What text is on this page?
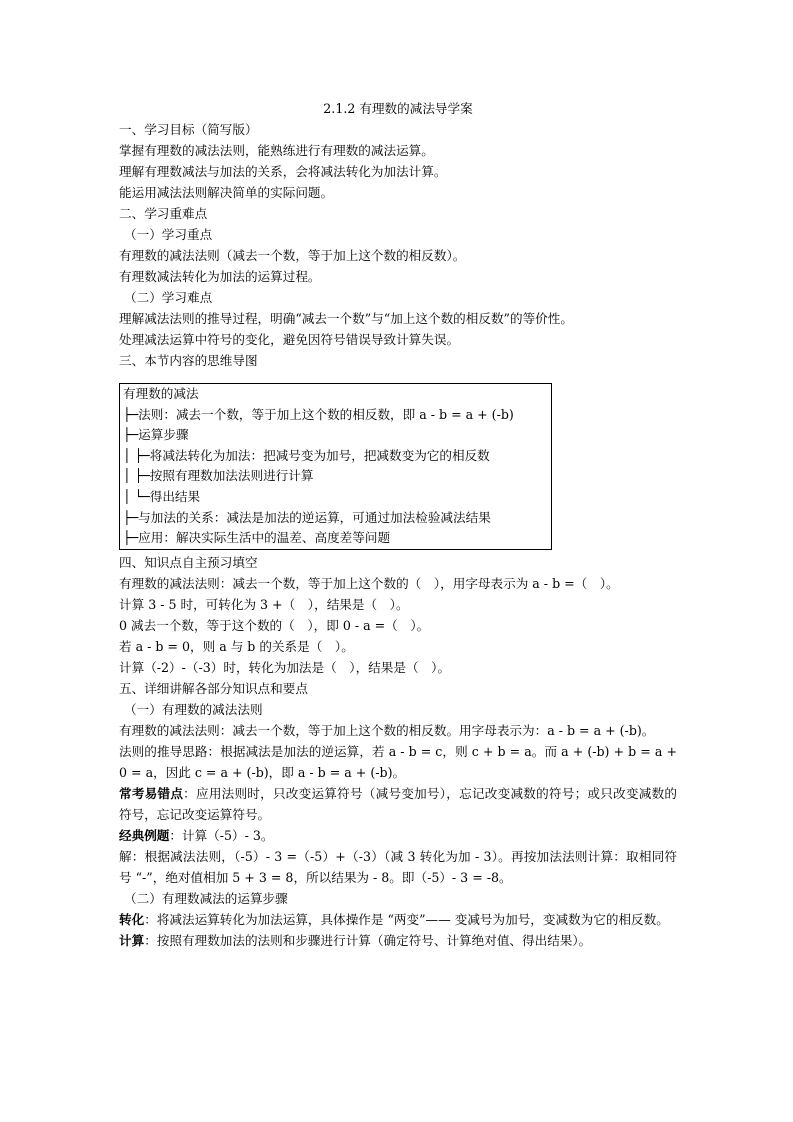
2.1.2 有理数的减法导学案

一、学习目标（简写版）

掌握有理数的减法法则，能熟练进行有理数的减法运算。

理解有理数减法与加法的关系，会将减法转化为加法计算。

能运用减法法则解决简单的实际问题。

二、学习重难点

（一）学习重点

有理数的减法法则（减去一个数，等于加上这个数的相反数）。

有理数减法转化为加法的运算过程。

（二）学习难点

理解减法法则的推导过程，明确“减去一个数”与“加上这个数的相反数”的等价性。

处理减法运算中符号的变化，避免因符号错误导致计算失误。

三、本节内容的思维导图

有理数的减法

├─法则：减去一个数，等于加上这个数的相反数，即 a - b = a + (-b)

├─运算步骤

│ ├─将减法转化为加法：把减号变为加号，把减数变为它的相反数

│ ├─按照有理数加法法则进行计算

│ └─得出结果

├─与加法的关系：减法是加法的逆运算，可通过加法检验减法结果

├─应用：解决实际生活中的温差、高度差等问题

四、知识点自主预习填空

有理数的减法法则：减去一个数，等于加上这个数的（　），用字母表示为 a - b =（　）。

计算 3 - 5 时，可转化为 3 +（　），结果是（　）。

0 减去一个数，等于这个数的（　），即 0 - a =（　）。

若 a - b = 0，则 a 与 b 的关系是（　）。

计算（-2）-（-3）时，转化为加法是（　），结果是（　）。

五、详细讲解各部分知识点和要点

（一）有理数的减法法则

有理数的减法法则：减去一个数，等于加上这个数的相反数。用字母表示为：a - b = a + (-b)。

法则的推导思路：根据减法是加法的逆运算，若 a - b = c，则 c + b = a。而 a + (-b) + b = a + 0 = a，因此 c = a + (-b)，即 a - b = a + (-b)。

常考易错点：应用法则时，只改变运算符号（减号变加号），忘记改变减数的符号；或只改变减数的符号，忘记改变运算符号。

经典例题：计算（-5）- 3。

解：根据减法法则，（-5）- 3 =（-5）+（-3）（减 3 转化为加 - 3）。再按加法法则计算：取相同符号 “-”，绝对值相加 5 + 3 = 8，所以结果为 - 8。即（-5）- 3 = -8。

（二）有理数减法的运算步骤

转化：将减法运算转化为加法运算，具体操作是 “两变”—— 变减号为加号，变减数为它的相反数。

计算：按照有理数加法的法则和步骤进行计算（确定符号、计算绝对值、得出结果）。
